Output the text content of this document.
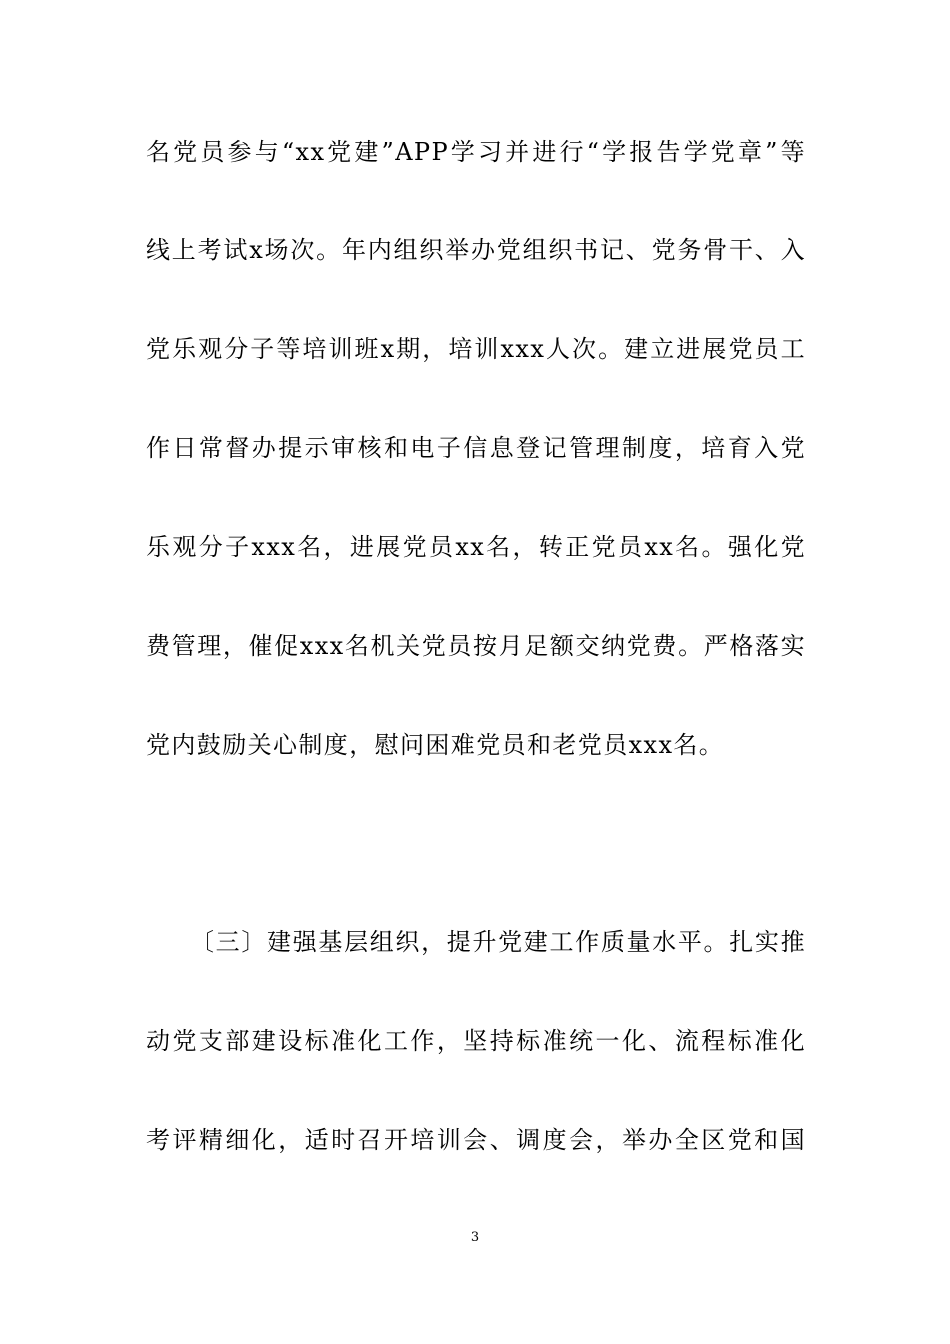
名党员参与“xx党建”APP学习并进行“学报告学党章”等
线上考试x场次。年内组织举办党组织书记、党务骨干、入
党乐观分子等培训班x期，培训xxx人次。建立进展党员工
作日常督办提示审核和电子信息登记管理制度，培育入党
乐观分子xxx名，进展党员xx名，转正党员xx名。强化党
费管理，催促xxx名机关党员按月足额交纳党费。严格落实
党内鼓励关心制度，慰问困难党员和老党员xxx名。
〔三〕建强基层组织，提升党建工作质量水平。扎实推
动党支部建设标准化工作，坚持标准统一化、流程标准化
考评精细化，适时召开培训会、调度会，举办全区党和国
3
